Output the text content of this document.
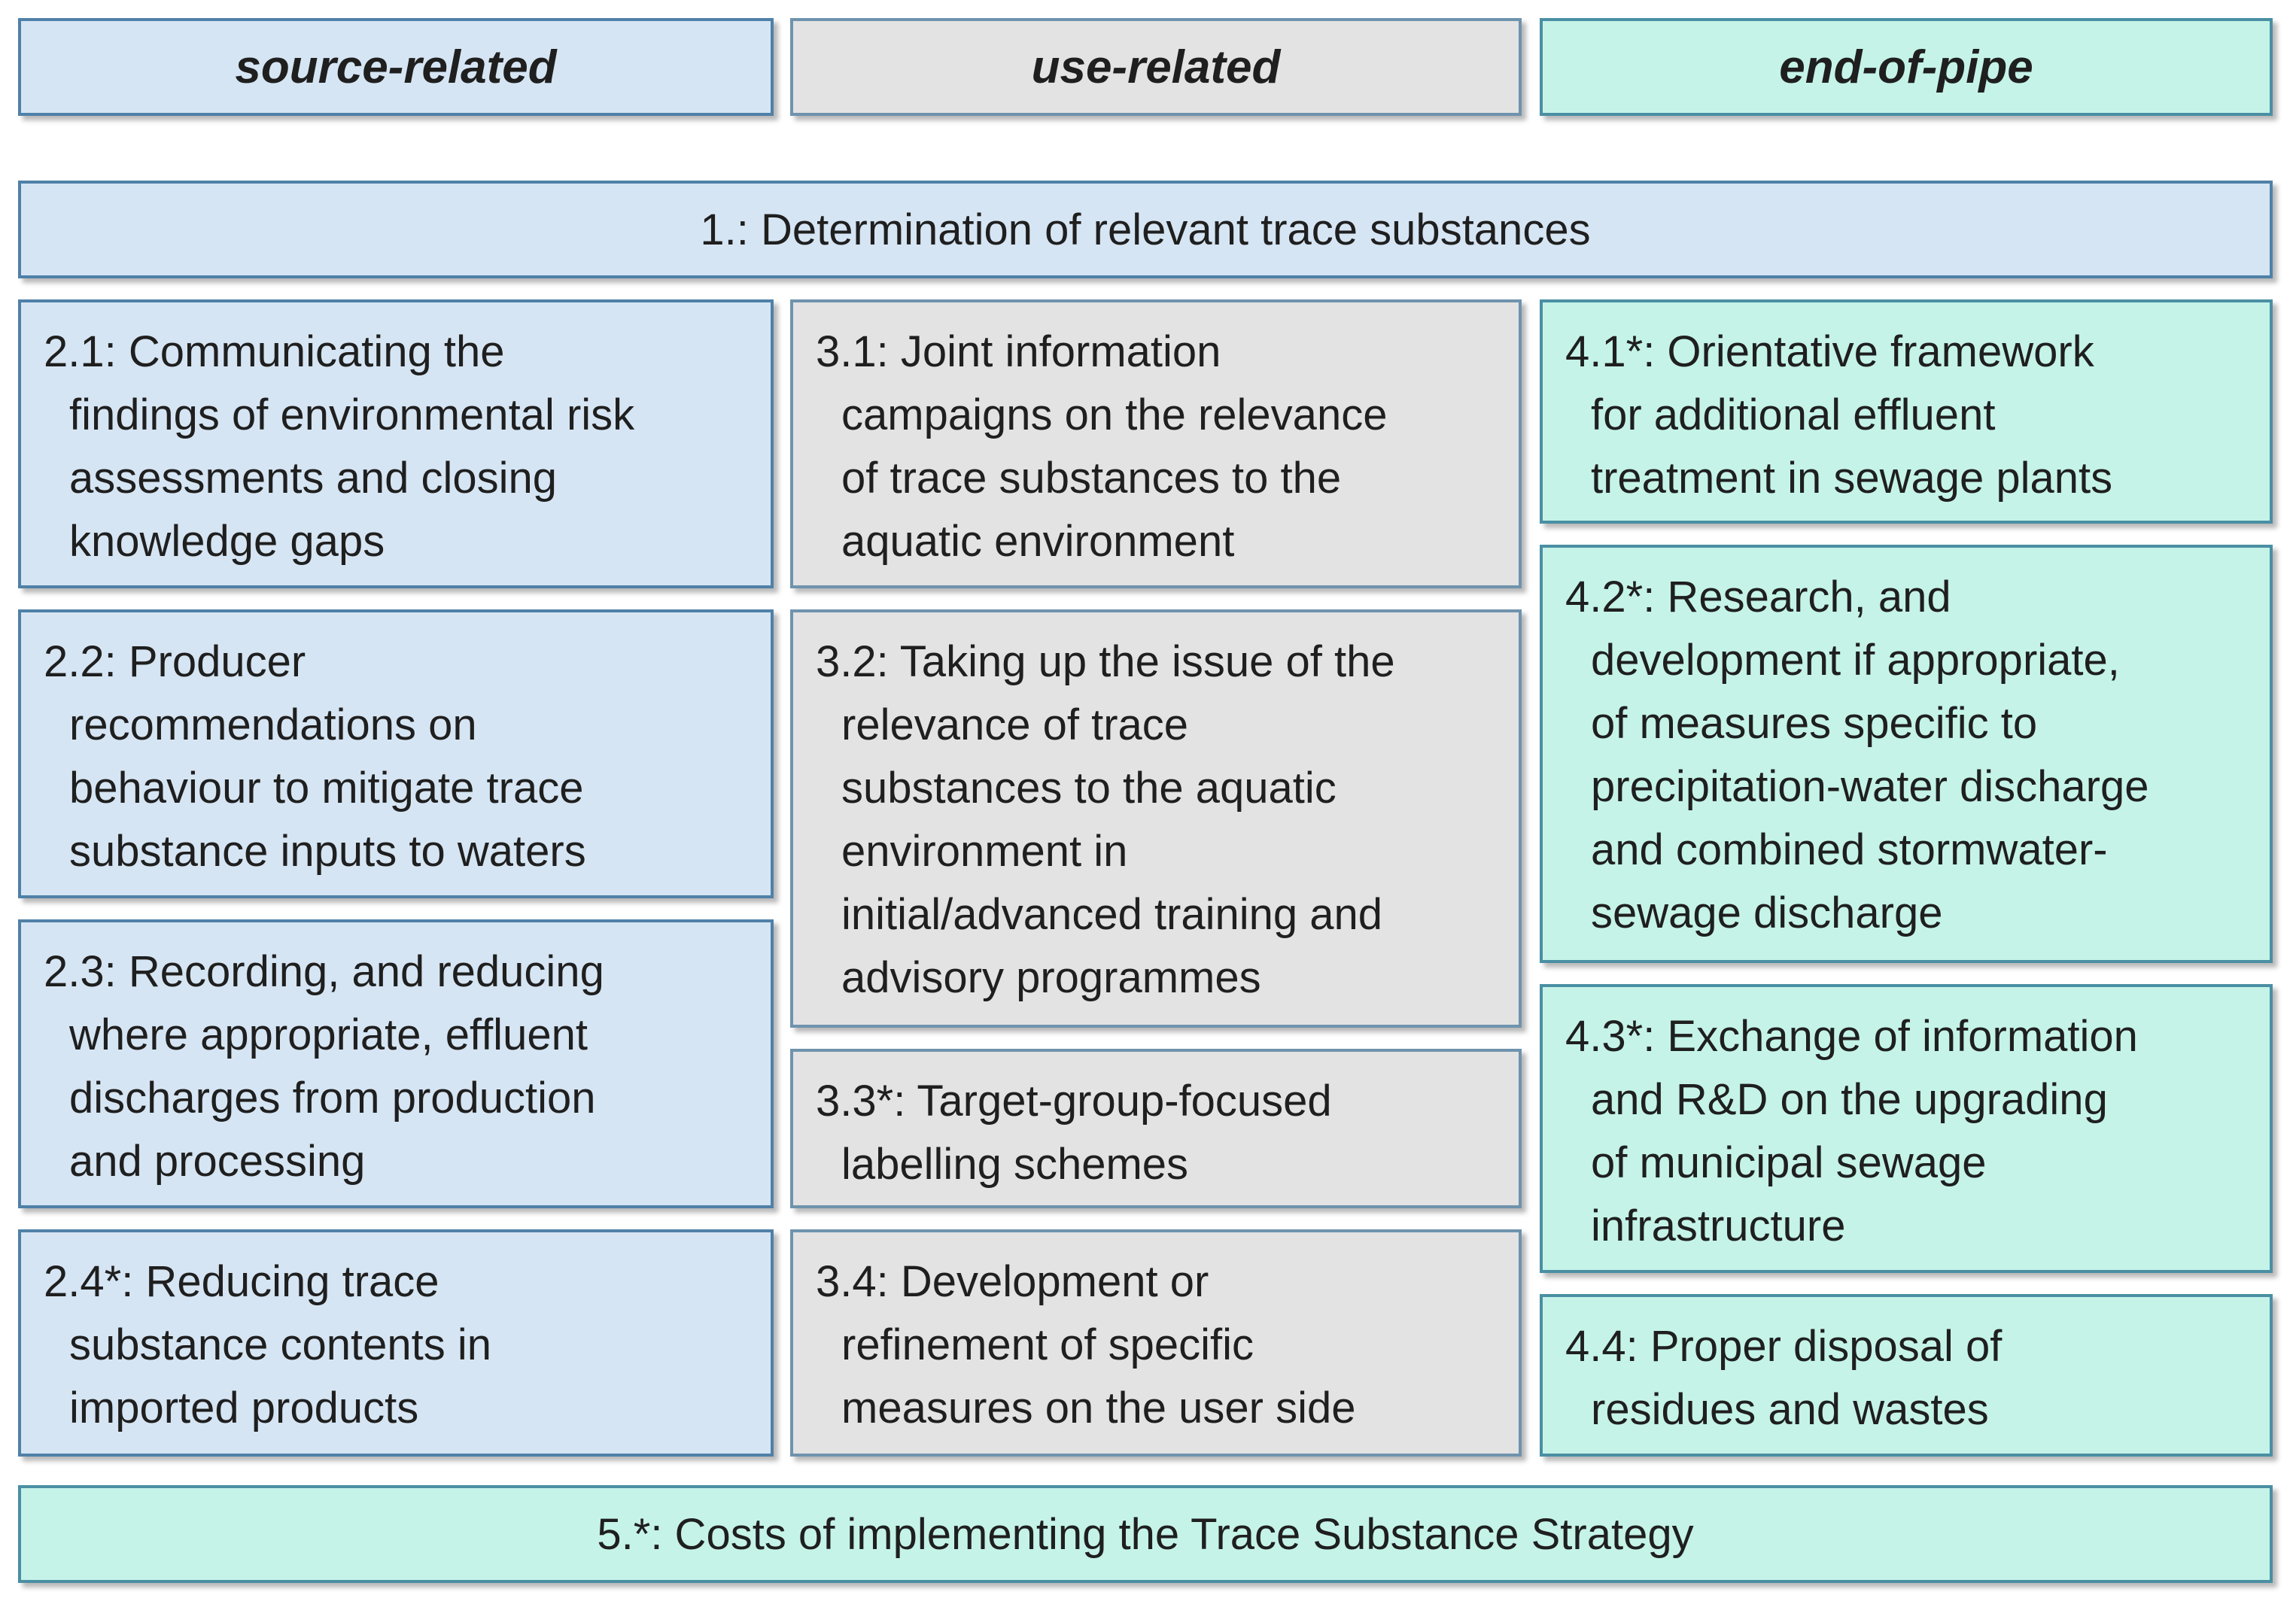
source-related	use-related	end-of-pipe
1.: Determination of relevant trace substances
2.1: Communicating the
findings of environmental risk
assessments and closing
knowledge gaps
2.2: Producer
recommendations on
behaviour to mitigate trace
substance inputs to waters
2.3: Recording, and reducing
where appropriate, effluent
discharges from production
and processing
2.4*: Reducing trace
substance contents in
imported products
3.1: Joint information
campaigns on the relevance
of trace substances to the
aquatic environment
3.2: Taking up the issue of the
relevance of trace
substances to the aquatic
environment in
initial/advanced training and
advisory programmes
3.3*: Target-group-focused
labelling schemes
3.4: Development or
refinement of specific
measures on the user side
4.1*: Orientative framework
for additional effluent
treatment in sewage plants
4.2*: Research, and
development if appropriate,
of measures specific to
precipitation-water discharge
and combined stormwater-
sewage discharge
4.3*: Exchange of information
and R&D on the upgrading
of municipal sewage
infrastructure
4.4: Proper disposal of
residues and wastes
5.*: Costs of implementing the Trace Substance Strategy
